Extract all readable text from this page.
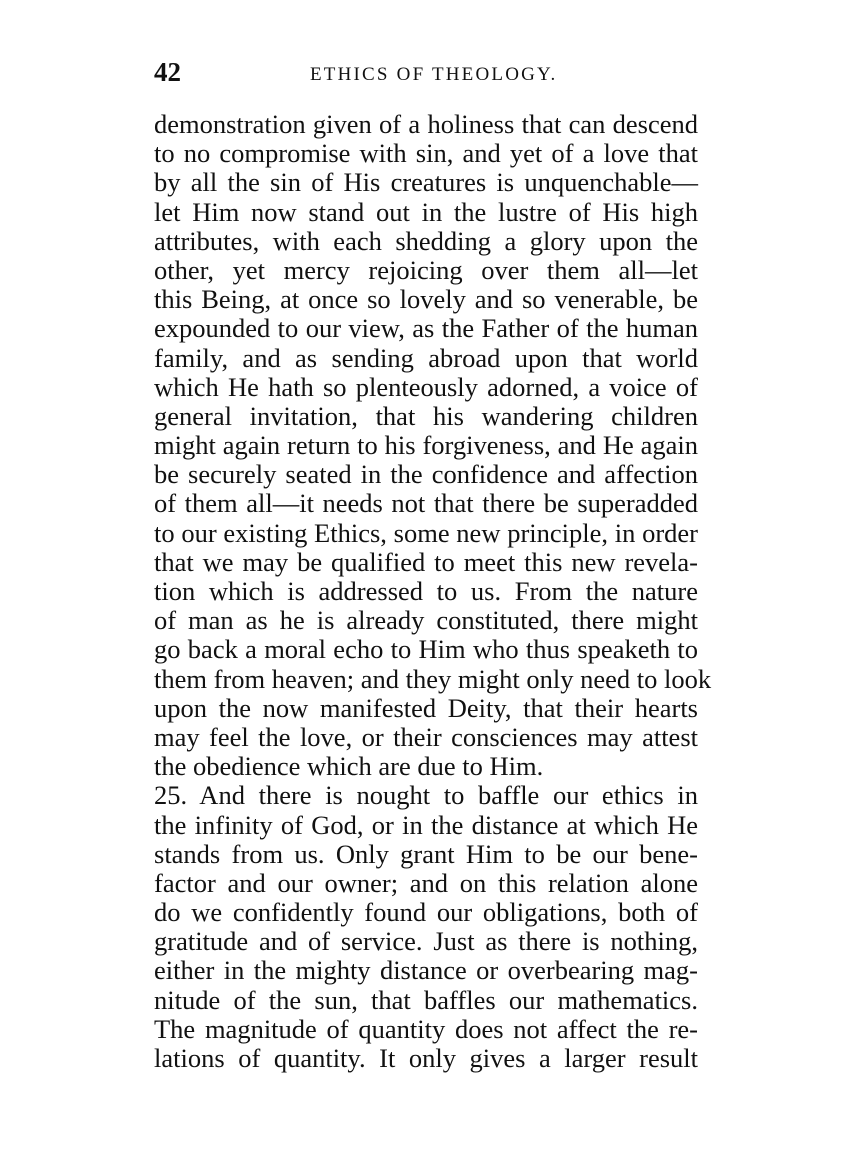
42	ETHICS OF THEOLOGY.
demonstration given of a holiness that can descend
to no compromise with sin, and yet of a love that
by all the sin of His creatures is unquenchable—
let Him now stand out in the lustre of His high
attributes, with each shedding a glory upon the
other, yet mercy rejoicing over them all—let
this Being, at once so lovely and so venerable, be
expounded to our view, as the Father of the human
family, and as sending abroad upon that world
which He hath so plenteously adorned, a voice of
general invitation, that his wandering children
might again return to his forgiveness, and He again
be securely seated in the confidence and affection
of them all—it needs not that there be superadded
to our existing Ethics, some new principle, in order
that we may be qualified to meet this new revela-
tion which is addressed to us. From the nature
of man as he is already constituted, there might
go back a moral echo to Him who thus speaketh to
them from heaven; and they might only need to look
upon the now manifested Deity, that their hearts
may feel the love, or their consciences may attest
the obedience which are due to Him.
25. And there is nought to baffle our ethics in
the infinity of God, or in the distance at which He
stands from us. Only grant Him to be our bene-
factor and our owner; and on this relation alone
do we confidently found our obligations, both of
gratitude and of service. Just as there is nothing,
either in the mighty distance or overbearing mag-
nitude of the sun, that baffles our mathematics.
The magnitude of quantity does not affect the re-
lations of quantity. It only gives a larger result
